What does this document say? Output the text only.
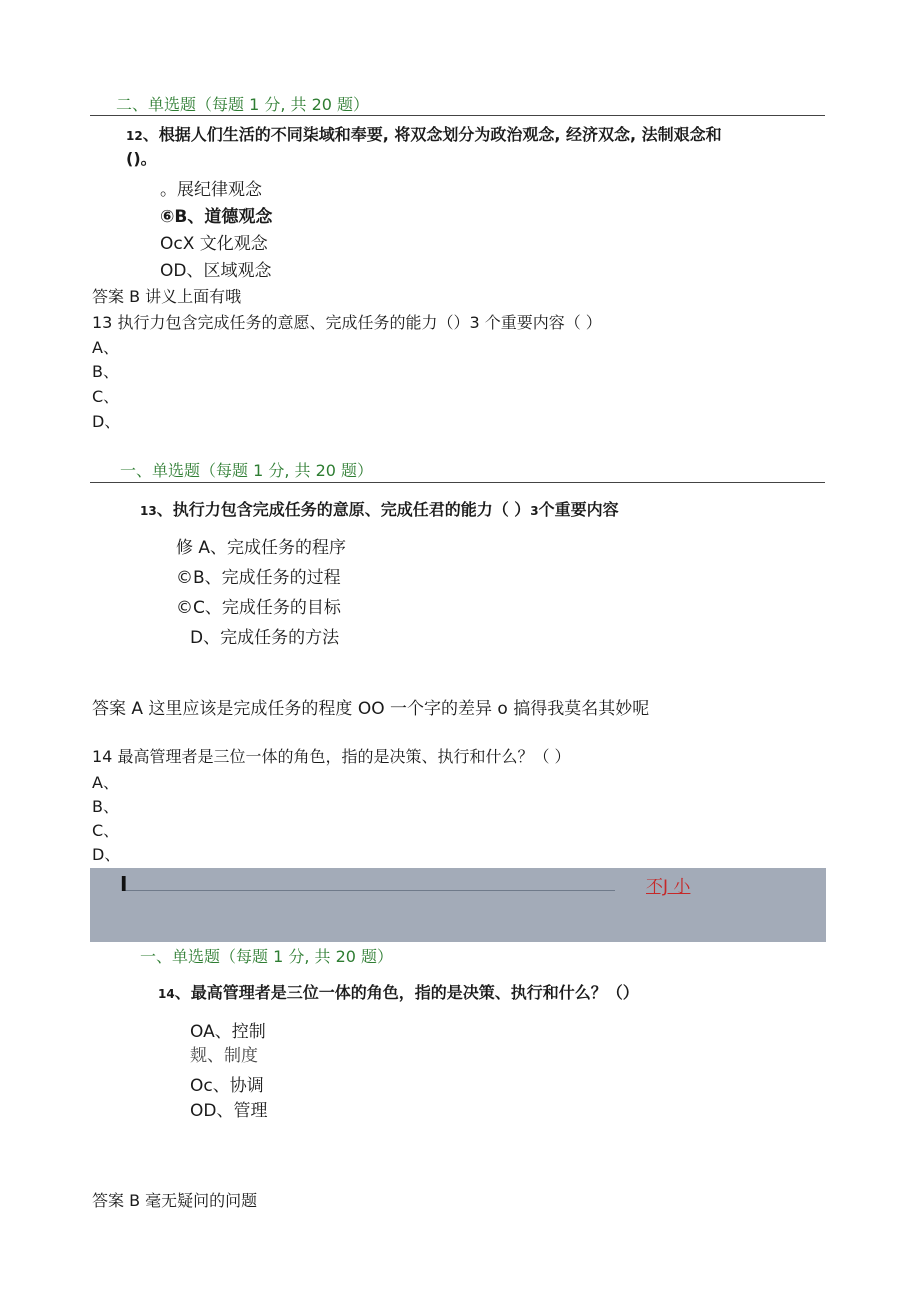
二、单选题（每题 1 分, 共 20 题）
12、根据人们生活的不同柒域和奉要, 将双念划分为政治观念, 经济双念, 法制艰念和
()。
。展纪律观念
⑥B、道德观念
OcX 文化观念
OD、区域观念
答案 B 讲义上面有哦
13 执行力包含完成任务的意愿、完成任务的能力（）3 个重要内容（ ）
A、
B、
C、
D、
一、单选题（每题 1 分, 共 20 题）
13、执行力包含完成任务的意原、完成任君的能力（ ）3个重要内容
修 A、完成任务的程序
©B、完成任务的过程
©C、完成任务的目标
D、完成任务的方法
答案 A 这里应该是完成任务的程度 OO 一个字的差异 o 搞得我莫名其妙呢
14 最高管理者是三位一体的角色，指的是决策、执行和什么？（ ）
A、
B、
C、
D、
I	不J 小
一、单选题（每题 1 分, 共 20 题）
14、最高管理者是三位一体的角色，指的是决策、执行和什么？（）
OA、控制
觌、制度
Oc、协调
OD、管理
答案 B 毫无疑问的问题
